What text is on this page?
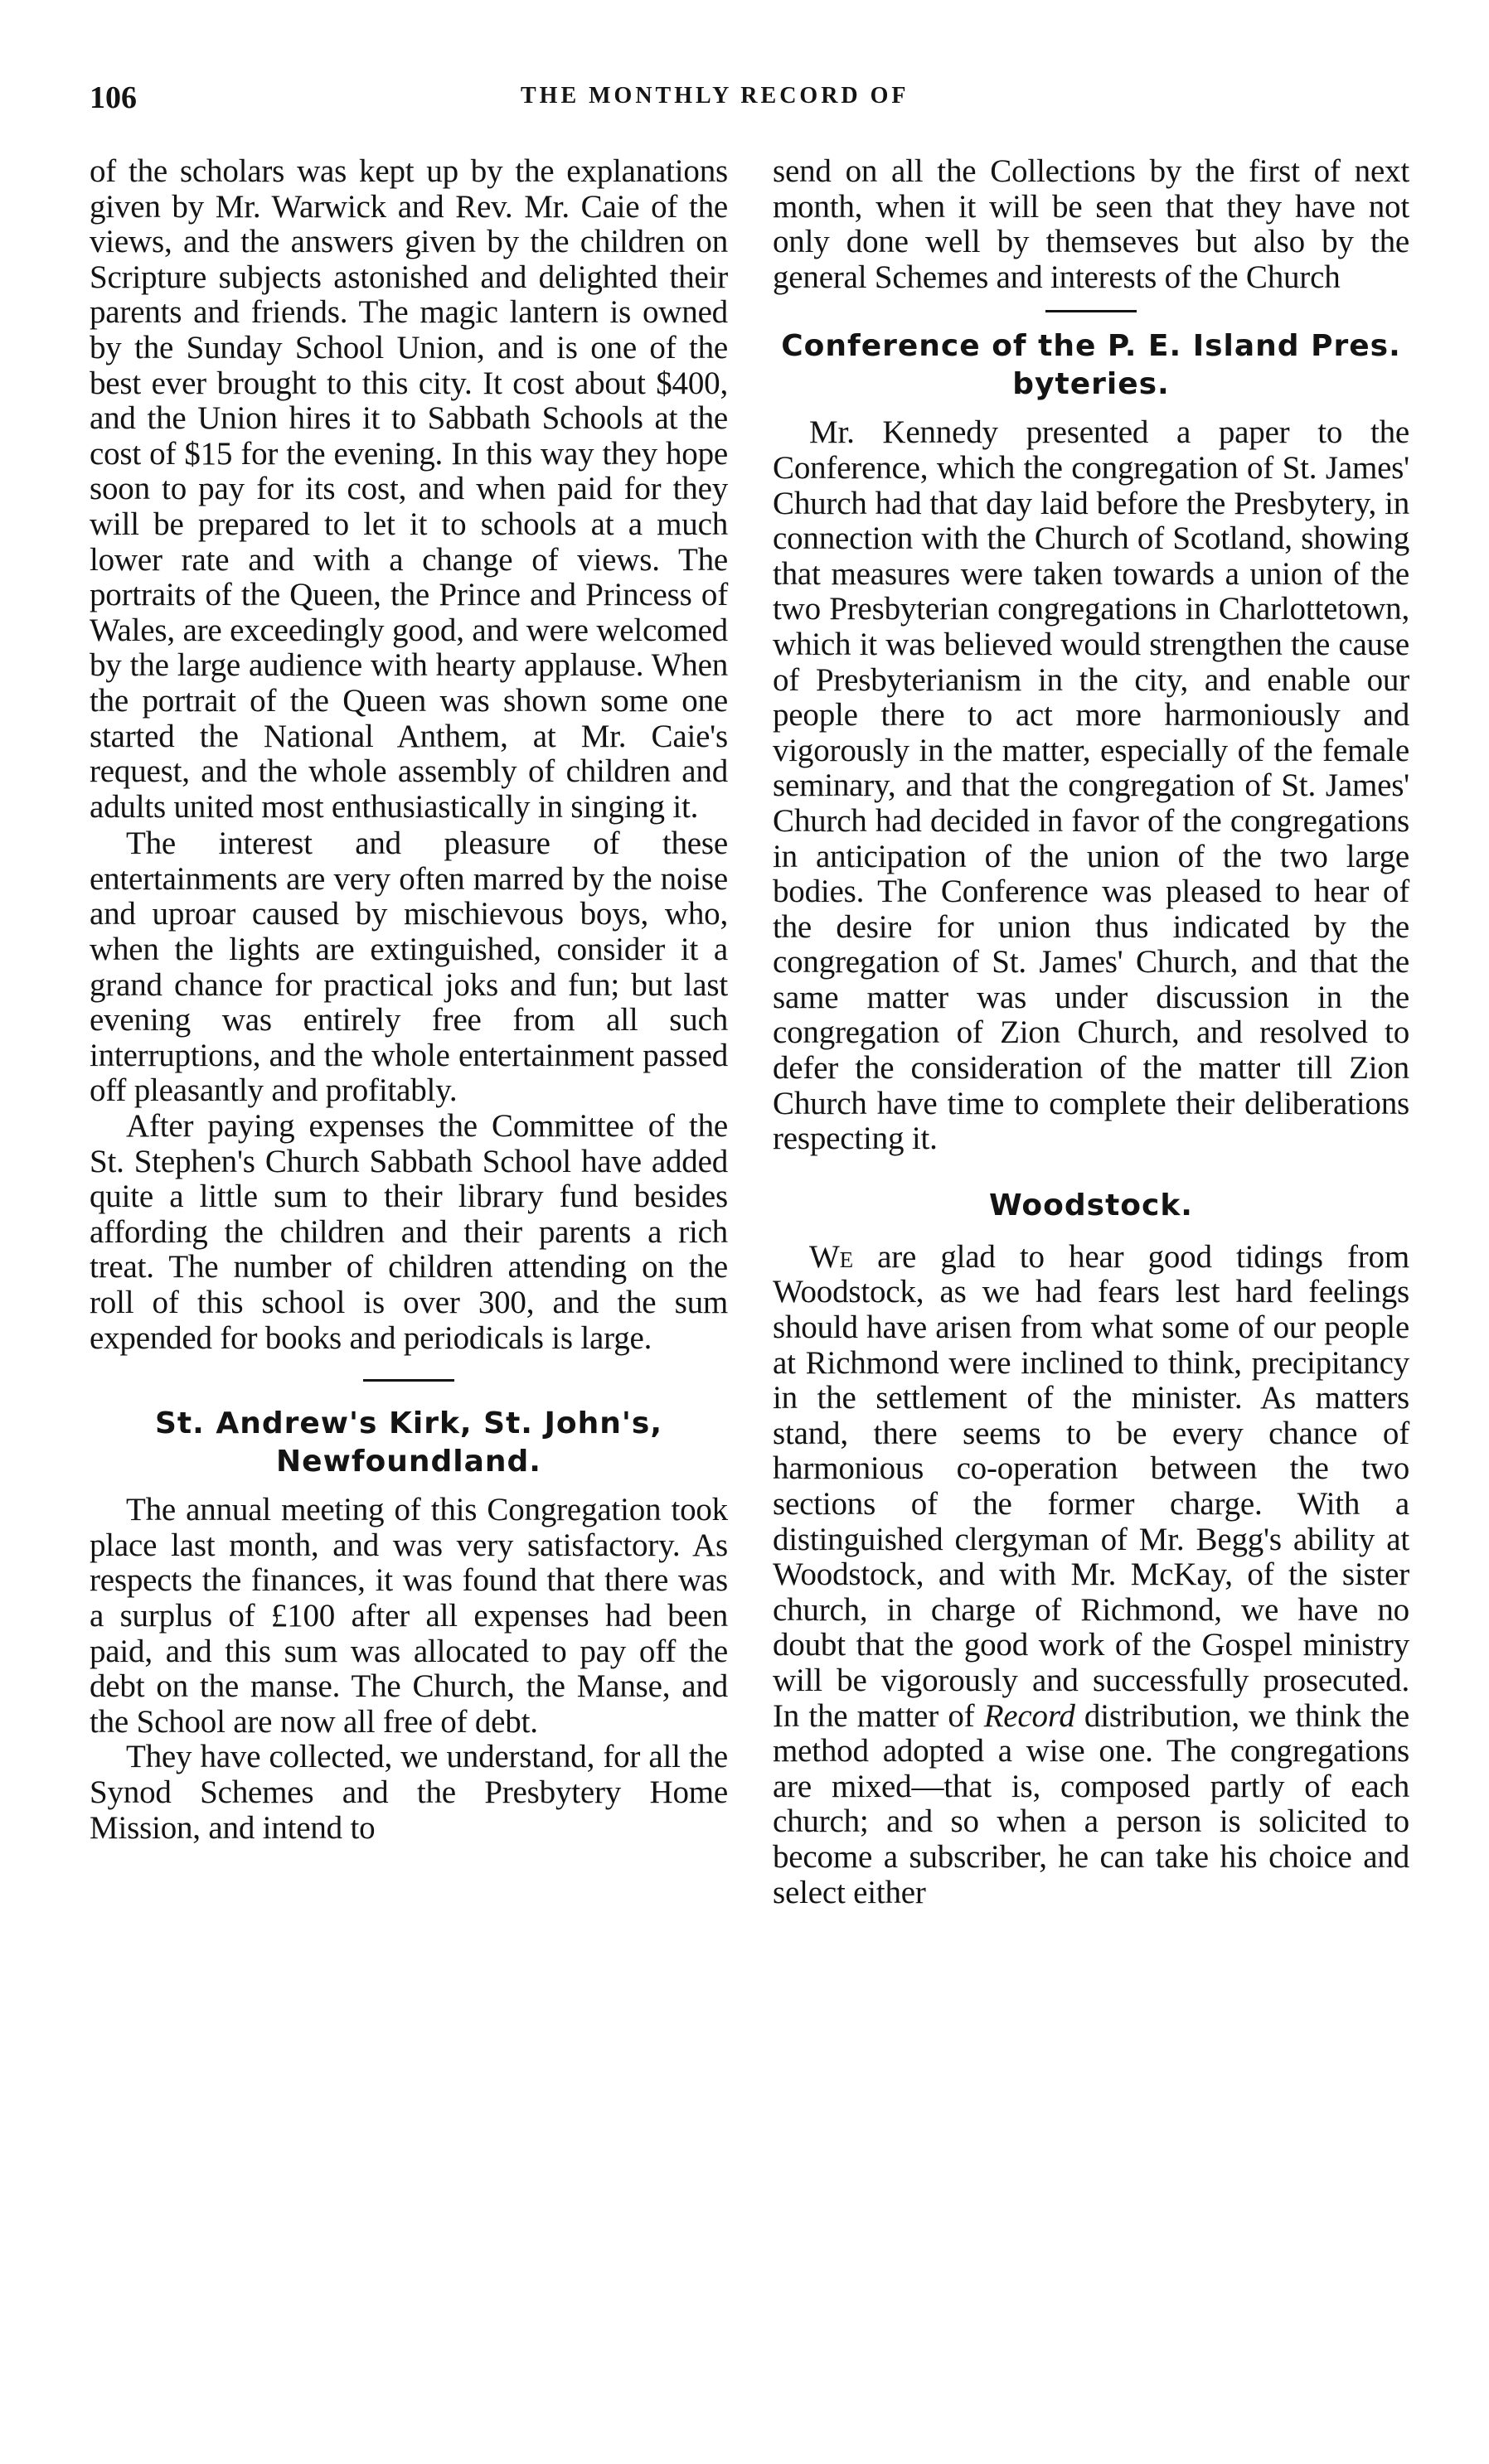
106	THE MONTHLY RECORD OF

of the scholars was kept up by the explanations given by Mr. Warwick and Rev. Mr. Caie of the views, and the answers given by the children on Scripture subjects astonished and delighted their parents and friends. The magic lantern is owned by the Sunday School Union, and is one of the best ever brought to this city. It cost about $400, and the Union hires it to Sabbath Schools at the cost of $15 for the evening. In this way they hope soon to pay for its cost, and when paid for they will be prepared to let it to schools at a much lower rate and with a change of views. The portraits of the Queen, the Prince and Princess of Wales, are exceedingly good, and were welcomed by the large audience with hearty applause. When the portrait of the Queen was shown some one started the National Anthem, at Mr. Caie's request, and the whole assembly of children and adults united most enthusiastically in singing it.

The interest and pleasure of these entertainments are very often marred by the noise and uproar caused by mischievous boys, who, when the lights are extinguished, consider it a grand chance for practical joks and fun; but last evening was entirely free from all such interruptions, and the whole entertainment passed off pleasantly and profitably.

After paying expenses the Committee of the St. Stephen's Church Sabbath School have added quite a little sum to their library fund besides affording the children and their parents a rich treat. The number of children attending on the roll of this school is over 300, and the sum expended for books and periodicals is large.

St. Andrew's Kirk, St. John's,
Newfoundland.

The annual meeting of this Congregation took place last month, and was very satisfactory. As respects the finances, it was found that there was a surplus of £100 after all expenses had been paid, and this sum was allocated to pay off the debt on the manse. The Church, the Manse, and the School are now all free of debt.

They have collected, we understand, for all the Synod Schemes and the Presbytery Home Mission, and intend to

send on all the Collections by the first of next month, when it will be seen that they have not only done well by themseves but also by the general Schemes and interests of the Church

Conference of the P. E. Island Pres.
byteries.

Mr. Kennedy presented a paper to the Conference, which the congregation of St. James' Church had that day laid before the Presbytery, in connection with the Church of Scotland, showing that measures were taken towards a union of the two Presbyterian congregations in Charlottetown, which it was believed would strengthen the cause of Presbyterianism in the city, and enable our people there to act more harmoniously and vigorously in the matter, especially of the female seminary, and that the congregation of St. James' Church had decided in favor of the congregations in anticipation of the union of the two large bodies. The Conference was pleased to hear of the desire for union thus indicated by the congregation of St. James' Church, and that the same matter was under discussion in the congregation of Zion Church, and resolved to defer the consideration of the matter till Zion Church have time to complete their deliberations respecting it.

Woodstock.

We are glad to hear good tidings from Woodstock, as we had fears lest hard feelings should have arisen from what some of our people at Richmond were inclined to think, precipitancy in the settlement of the minister. As matters stand, there seems to be every chance of harmonious co-operation between the two sections of the former charge. With a distinguished clergyman of Mr. Begg's ability at Woodstock, and with Mr. McKay, of the sister church, in charge of Richmond, we have no doubt that the good work of the Gospel ministry will be vigorously and successfully prosecuted. In the matter of Record distribution, we think the method adopted a wise one. The congregations are mixed—that is, composed partly of each church; and so when a person is solicited to become a subscriber, he can take his choice and select either
